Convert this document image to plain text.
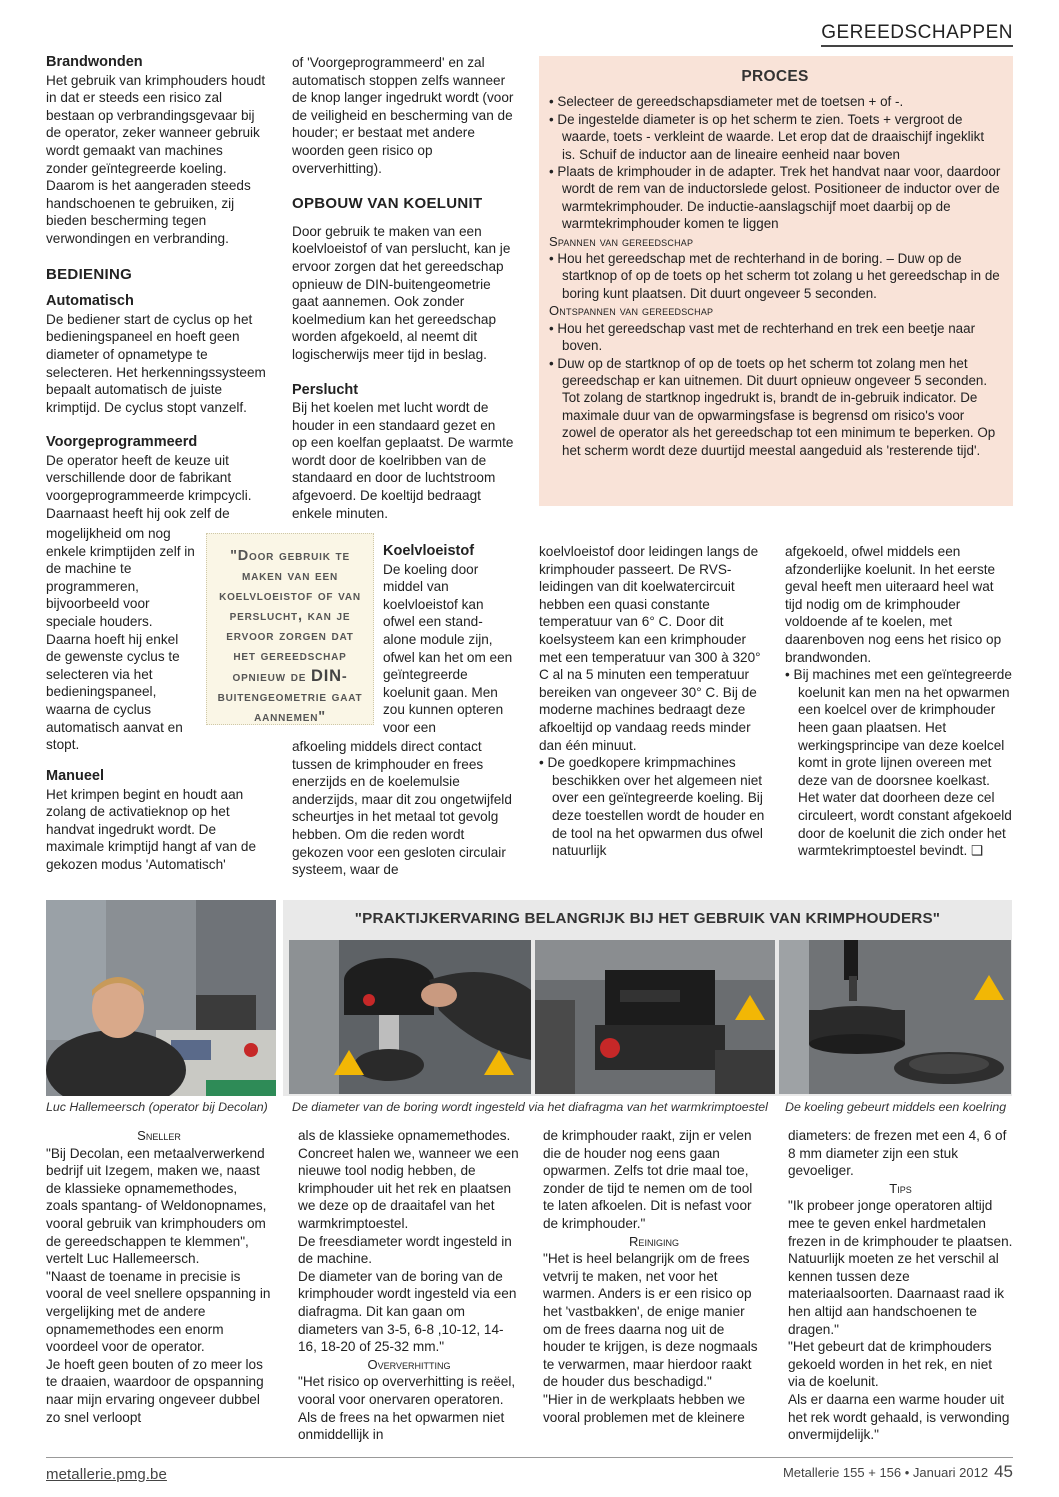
GEREEDSCHAPPEN

Brandwonden

Het gebruik van krimphouders houdt in dat er steeds een risico zal bestaan op verbrandingsgevaar bij de operator, zeker wanneer gebruik wordt gemaakt van machines zonder geïntegreerde koeling. Daarom is het aangeraden steeds handschoenen te gebruiken, zij bieden bescherming tegen verwondingen en verbranding.

BEDIENING

Automatisch

De bediener start de cyclus op het bedieningspaneel en hoeft geen diameter of opnametype te selecteren. Het herkenningssysteem bepaalt automatisch de juiste krimptijd. De cyclus stopt vanzelf.

Voorgeprogrammeerd

De operator heeft de keuze uit verschillende door de fabrikant voorgeprogrammeerde krimpcycli. Daarnaast heeft hij ook zelf de

mogelijkheid om nog enkele krimptijden zelf in de machine te programmeren, bijvoorbeeld voor speciale houders. Daarna hoeft hij enkel de gewenste cyclus te selecteren via het bedieningspaneel, waarna de cyclus automatisch aanvat en stopt.

Manueel

Het krimpen begint en houdt aan zolang de activatieknop op het handvat ingedrukt wordt. De maximale krimptijd hangt af van de gekozen modus 'Automatisch'

of 'Voorgeprogrammeerd' en zal automatisch stoppen zelfs wanneer de knop langer ingedrukt wordt (voor de veiligheid en bescherming van de houder; er bestaat met andere woorden geen risico op oververhitting).

OPBOUW VAN KOELUNIT

Door gebruik te maken van een koelvloeistof of van perslucht, kan je ervoor zorgen dat het gereedschap opnieuw de DIN-buitengeometrie gaat aannemen. Ook zonder koelmedium kan het gereedschap worden afgekoeld, al neemt dit logischerwijs meer tijd in beslag.

Perslucht

Bij het koelen met lucht wordt de houder in een standaard gezet en op een koelfan geplaatst. De warmte wordt door de koelribben van de standaard en door de luchtstroom afgevoerd. De koeltijd bedraagt enkele minuten.

Koelvloeistof

De koeling door middel van koelvloeistof kan ofwel een stand-alone module zijn, ofwel kan het om een geïntegreerde koelunit gaan. Men zou kunnen opteren voor een

afkoeling middels direct contact tussen de krimphouder en frees enerzijds en de koelemulsie anderzijds, maar dit zou ongetwijfeld scheurtjes in het metaal tot gevolg hebben. Om die reden wordt gekozen voor een gesloten circulair systeem, waar de

"Door gebruik te maken van een koelvloeistof of van perslucht, kan je ervoor zorgen dat het gereedschap opnieuw de DIN-buitengeometrie gaat aannemen"

PROCES

• Selecteer de gereedschapsdiameter met de toetsen + of -.

• De ingestelde diameter is op het scherm te zien. Toets + vergroot de waarde, toets - verkleint de waarde. Let erop dat de draaischijf ingeklikt is. Schuif de inductor aan de lineaire eenheid naar boven

• Plaats de krimphouder in de adapter. Trek het handvat naar voor, daardoor wordt de rem van de inductorslede gelost. Positioneer de inductor over de warmtekrimphouder. De inductie-aanslagschijf moet daarbij op de warmtekrimphouder komen te liggen

Spannen van gereedschap

• Hou het gereedschap met de rechterhand in de boring. – Duw op de startknop of op de toets op het scherm tot zolang u het gereedschap in de boring kunt plaatsen. Dit duurt ongeveer 5 seconden.

Ontspannen van gereedschap

• Hou het gereedschap vast met de rechterhand en trek een beetje naar boven.

• Duw op de startknop of op de toets op het scherm tot zolang men het gereedschap er kan uitnemen. Dit duurt opnieuw ongeveer 5 seconden. Tot zolang de startknop ingedrukt is, brandt de in-gebruik indicator. De maximale duur van de opwarmingsfase is begrensd om risico's voor zowel de operator als het gereedschap tot een minimum te beperken. Op het scherm wordt deze duurtijd meestal aangeduid als 'resterende tijd'.

koelvloeistof door leidingen langs de krimphouder passeert. De RVS-leidingen van dit koelwatercircuit hebben een quasi constante temperatuur van 6° C. Door dit koelsysteem kan een krimphouder met een temperatuur van 300 à 320° C al na 5 minuten een temperatuur bereiken van ongeveer 30° C. Bij de moderne machines bedraagt deze afkoeltijd op vandaag reeds minder dan één minuut.

• De goedkopere krimpmachines beschikken over het algemeen niet over een geïntegreerde koeling. Bij deze toestellen wordt de houder en de tool na het opwarmen dus ofwel natuurlijk

afgekoeld, ofwel middels een afzonderlijke koelunit. In het eerste geval heeft men uiteraard heel wat tijd nodig om de krimphouder voldoende af te koelen, met daarenboven nog eens het risico op brandwonden.

• Bij machines met een geïntegreerde koelunit kan men na het opwarmen een koelcel over de krimphouder heen gaan plaatsen. Het werkingsprincipe van deze koelcel komt in grote lijnen overeen met deze van de doorsnee koelkast. Het water dat doorheen deze cel circuleert, wordt constant afgekoeld door de koelunit die zich onder het warmtekrimptoestel bevindt. ❑

"PRAKTIJKERVARING BELANGRIJK BIJ HET GEBRUIK VAN KRIMPHOUDERS"
Luc Hallemeersch (operator bij Decolan) De diameter van de boring wordt ingesteld via het diafragma van het warmkrimptoestel De koeling gebeurt middels een koelring

Sneller

"Bij Decolan, een metaalverwerkend bedrijf uit Izegem, maken we, naast de klassieke opnamemethodes, zoals spantang- of Weldonopnames, vooral gebruik van krimphouders om de gereedschappen te klemmen", vertelt Luc Hallemeersch.

"Naast de toename in precisie is vooral de veel snellere opspanning in vergelijking met de andere opnamemethodes een enorm voordeel voor de operator.

Je hoeft geen bouten of zo meer los te draaien, waardoor de opspanning naar mijn ervaring ongeveer dubbel zo snel verloopt

als de klassieke opnamemethodes. Concreet halen we, wanneer we een nieuwe tool nodig hebben, de krimphouder uit het rek en plaatsen we deze op de draaitafel van het warmkrimptoestel.

De freesdiameter wordt ingesteld in de machine.

De diameter van de boring van de krimphouder wordt ingesteld via een diafragma. Dit kan gaan om diameters van 3-5, 6-8 ,10-12, 14-16, 18-20 of 25-32 mm."

Oververhitting

"Het risico op oververhitting is reëel, vooral voor onervaren operatoren. Als de frees na het opwarmen niet onmiddellijk in

de krimphouder raakt, zijn er velen die de houder nog eens gaan opwarmen. Zelfs tot drie maal toe, zonder de tijd te nemen om de tool te laten afkoelen. Dit is nefast voor de krimphouder."

Reiniging

"Het is heel belangrijk om de frees vetvrij te maken, net voor het warmen. Anders is er een risico op het 'vastbakken', de enige manier om de frees daarna nog uit de houder te krijgen, is deze nogmaals te verwarmen, maar hierdoor raakt de houder dus beschadigd."

"Hier in de werkplaats hebben we vooral problemen met de kleinere

diameters: de frezen met een 4, 6 of 8 mm diameter zijn een stuk gevoeliger.

Tips

"Ik probeer jonge operatoren altijd mee te geven enkel hardmetalen frezen in de krimphouder te plaatsen. Natuurlijk moeten ze het verschil al kennen tussen deze materiaalsoorten. Daarnaast raad ik hen altijd aan handschoenen te dragen."

"Het gebeurt dat de krimphouders gekoeld worden in het rek, en niet via de koelunit.

Als er daarna een warme houder uit het rek wordt gehaald, is verwonding onvermijdelijk."

metallerie.pmg.be	Metallerie 155 + 156 • Januari 2012 45
